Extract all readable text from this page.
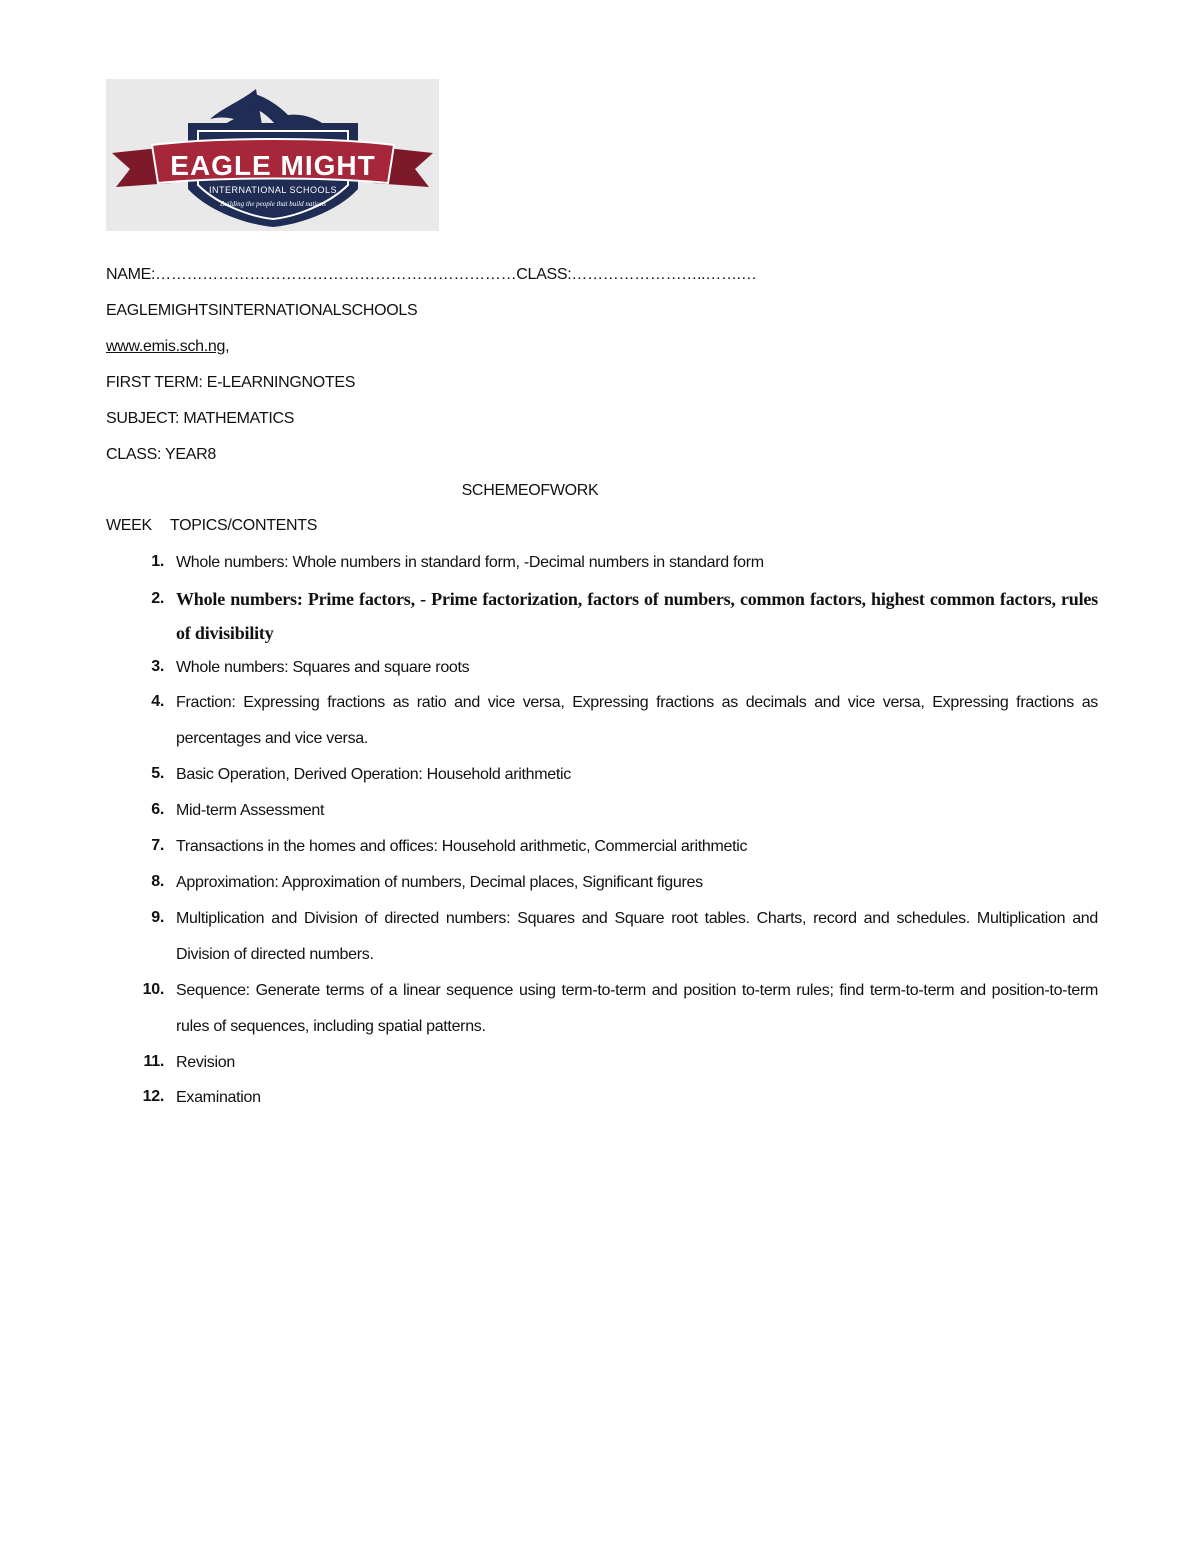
EAGLE MIGHT
INTERNATIONAL SCHOOLS
Building the people that build nations
NAME:……………………………………………………………CLASS:……………………..…….…
EAGLEMIGHTSINTERNATIONALSCHOOLS
www.emis.sch.ng,
FIRST TERM: E-LEARNINGNOTES
SUBJECT: MATHEMATICS
CLASS: YEAR8
SCHEMEOFWORK
WEEK TOPICS/CONTENTS
1. Whole numbers: Whole numbers in standard form, -Decimal numbers in standard form
2. Whole numbers: Prime factors, - Prime factorization, factors of numbers, common factors, highest common factors, rules of divisibility
3. Whole numbers: Squares and square roots
4. Fraction: Expressing fractions as ratio and vice versa, Expressing fractions as decimals and vice versa, Expressing fractions as percentages and vice versa.
5. Basic Operation, Derived Operation: Household arithmetic
6. Mid-term Assessment
7. Transactions in the homes and offices: Household arithmetic, Commercial arithmetic
8. Approximation: Approximation of numbers, Decimal places, Significant figures
9. Multiplication and Division of directed numbers: Squares and Square root tables. Charts, record and schedules. Multiplication and Division of directed numbers.
10. Sequence: Generate terms of a linear sequence using term-to-term and position to-term rules; find term-to-term and position-to-term rules of sequences, including spatial patterns.
11. Revision
12. Examination
